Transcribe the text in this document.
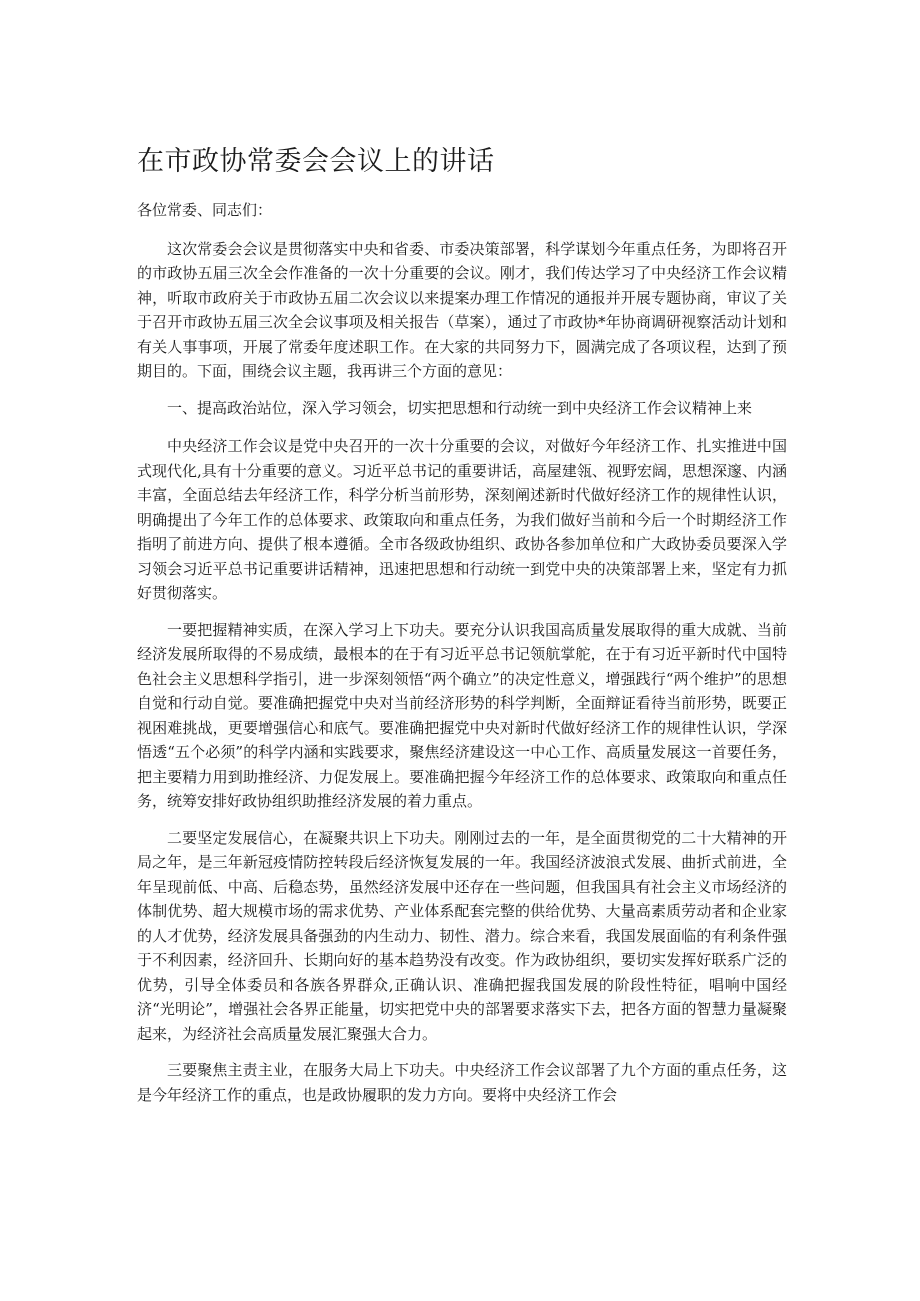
在市政协常委会会议上的讲话

各位常委、同志们：

这次常委会会议是贯彻落实中央和省委、市委决策部署，科学谋划今年重点任务，为即将召开的市政协五届三次全会作准备的一次十分重要的会议。刚才，我们传达学习了中央经济工作会议精神，听取市政府关于市政协五届二次会议以来提案办理工作情况的通报并开展专题协商，审议了关于召开市政协五届三次全会议事项及相关报告（草案），通过了市政协*年协商调研视察活动计划和有关人事事项，开展了常委年度述职工作。在大家的共同努力下，圆满完成了各项议程，达到了预期目的。下面，围绕会议主题，我再讲三个方面的意见：

一、提高政治站位，深入学习领会，切实把思想和行动统一到中央经济工作会议精神上来

中央经济工作会议是党中央召开的一次十分重要的会议，对做好今年经济工作、扎实推进中国式现代化,具有十分重要的意义。习近平总书记的重要讲话，高屋建瓴、视野宏阔，思想深邃、内涵丰富，全面总结去年经济工作，科学分析当前形势，深刻阐述新时代做好经济工作的规律性认识，明确提出了今年工作的总体要求、政策取向和重点任务，为我们做好当前和今后一个时期经济工作指明了前进方向、提供了根本遵循。全市各级政协组织、政协各参加单位和广大政协委员要深入学习领会习近平总书记重要讲话精神，迅速把思想和行动统一到党中央的决策部署上来，坚定有力抓好贯彻落实。

一要把握精神实质，在深入学习上下功夫。要充分认识我国高质量发展取得的重大成就、当前经济发展所取得的不易成绩，最根本的在于有习近平总书记领航掌舵，在于有习近平新时代中国特色社会主义思想科学指引，进一步深刻领悟“两个确立”的决定性意义，增强践行“两个维护”的思想自觉和行动自觉。要准确把握党中央对当前经济形势的科学判断，全面辩证看待当前形势，既要正视困难挑战，更要增强信心和底气。要准确把握党中央对新时代做好经济工作的规律性认识，学深悟透“五个必须”的科学内涵和实践要求，聚焦经济建设这一中心工作、高质量发展这一首要任务，把主要精力用到助推经济、力促发展上。要准确把握今年经济工作的总体要求、政策取向和重点任务，统筹安排好政协组织助推经济发展的着力重点。

二要坚定发展信心，在凝聚共识上下功夫。刚刚过去的一年，是全面贯彻党的二十大精神的开局之年，是三年新冠疫情防控转段后经济恢复发展的一年。我国经济波浪式发展、曲折式前进，全年呈现前低、中高、后稳态势，虽然经济发展中还存在一些问题，但我国具有社会主义市场经济的体制优势、超大规模市场的需求优势、产业体系配套完整的供给优势、大量高素质劳动者和企业家的人才优势，经济发展具备强劲的内生动力、韧性、潜力。综合来看，我国发展面临的有利条件强于不利因素，经济回升、长期向好的基本趋势没有改变。作为政协组织，要切实发挥好联系广泛的优势，引导全体委员和各族各界群众,正确认识、准确把握我国发展的阶段性特征，唱响中国经济“光明论”，增强社会各界正能量，切实把党中央的部署要求落实下去，把各方面的智慧力量凝聚起来，为经济社会高质量发展汇聚强大合力。

三要聚焦主责主业，在服务大局上下功夫。中央经济工作会议部署了九个方面的重点任务，这是今年经济工作的重点，也是政协履职的发力方向。要将中央经济工作会
